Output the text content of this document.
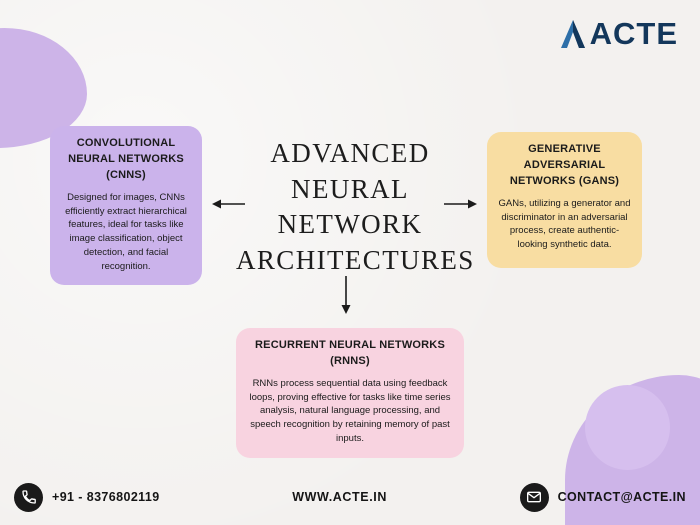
ACTE
ADVANCED NEURAL NETWORK ARCHITECTURES
CONVOLUTIONAL NEURAL NETWORKS (CNNS)
Designed for images, CNNs efficiently extract hierarchical features, ideal for tasks like image classification, object detection, and facial recognition.
GENERATIVE ADVERSARIAL NETWORKS (GANS)
GANs, utilizing a generator and discriminator in an adversarial process, create authentic-looking synthetic data.
RECURRENT NEURAL NETWORKS (RNNS)
RNNs process sequential data using feedback loops, proving effective for tasks like time series analysis, natural language processing, and speech recognition by retaining memory of past inputs.
+91 - 8376802119	WWW.ACTE.IN	CONTACT@ACTE.IN
